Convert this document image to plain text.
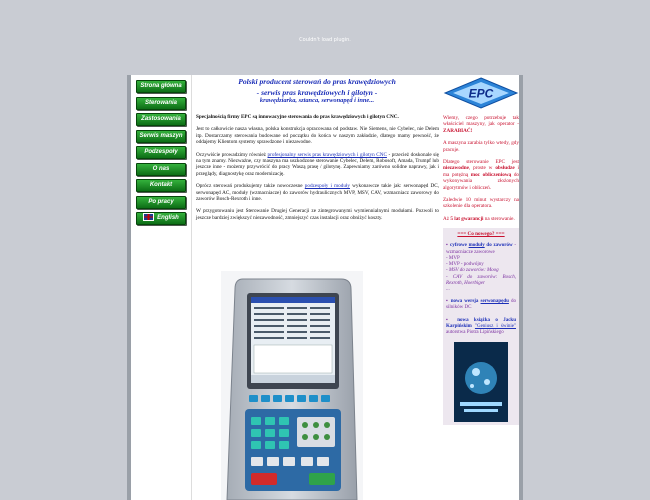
Couldn't load plugin.
Strona główna
Sterowania
Zastosowania
Serwis maszyn
Podzespoły
O nas
Kontakt
Po pracy
English
Polski producent sterowań do pras krawędziowych
- serwis pras krawędziowych i gilotyn -
krawędziarka, sztanca, serwonapęd i inne...
Specjalnością firmy EPC są innowacyjne sterowania do pras krawędziowych i gilotyn CNC.
Jest to całkowicie nasza własna, polska konstrukcja opracowana od podstaw. Nie Siemens, nie Cybelec, nie Delem itp. Dostarczamy sterowania budowane od początku do końca w naszym zakładzie, dlatego mamy pewność, że oddajemy Klientom systemy sprawdzone i niezawodne.
Oczywiście prowadzimy również profesjonalny serwis pras krawędziowych i gilotyn CNC - przecież doskonale się na tym znamy. Niezważne, czy maszyna ma uszkodzone sterowanie Cybelec, Delem, Robosoft, Amada, Trumpf lub jeszcze inne - możemy przywrócić do pracy Waszą prasę / gilotynę. Zapewniamy zarówno solidne naprawy, jak i przeglądy, diagnostykę oraz modernizację.
Oprócz sterowań produkujemy także nowoczesne podzespoły i moduły wykonawcze takie jak: serwonapęd DC, serwonapęd AC, moduły (wzmacniacze) do zaworów hydraulicznych MVP, MSV, CAV, wzmacniacz zaworowy do zaworów Bosch-Rexroth i inne.
W przygotowaniu jest Sterowanie Drugiej Generacji ze zintegrowanymi wymiennialnymi modułami. Pozwoli to jeszcze bardziej zwiększyć niezawodność, zmniejszyć czas instalacji oraz obniżyć koszty.
EPC

Wiemy, czego potrzebuje tak właściciel maszyny, jak operator - ZARABIAĆ!

A maszyna zarabia tylko wtedy, gdy pracuje.

Dlatego sterowanie EPC jest niezawodne, proste w obsłudze i ma potężną moc obliczeniową do wykonywania złożonych algorytmów i obliczeń.

Zaledwie 10 minut wystarczy na szkolenie dla operatora.

Aż 5 lat gwarancji na sterowanie.

=== Co nowego? ===
▪ cyfrowe moduły do zaworów - wzmacniacze zaworowe
- MVP
- MVP - podwójny
- MSV do zaworów: Moog
- CAV do zaworów: Bosch, Rexroth, Hoerbiger
...
▪ nowa wersja serwonapędu do silników DC
▪ nowa książka o Jacku Karpińskim "Geniusz i świnie" autorstwa Piotra Lipińskiego
